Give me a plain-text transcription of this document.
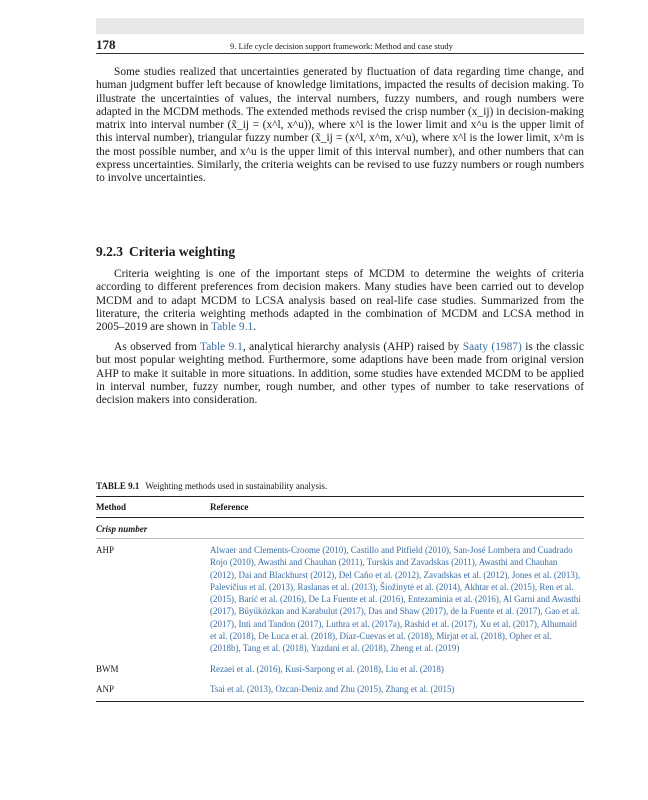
178	9. Life cycle decision support framework: Method and case study

Some studies realized that uncertainties generated by fluctuation of data regarding time change, and human judgment buffer left because of knowledge limitations, impacted the results of decision making. To illustrate the uncertainties of values, the interval numbers, fuzzy numbers, and rough numbers were adapted in the MCDM methods. The extended methods revised the crisp number (x_ij) in decision-making matrix into interval number (x̃_ij = (x^l, x^u)), where x^l is the lower limit and x^u is the upper limit of this interval number), triangular fuzzy number (x̃_ij = (x^l, x^m, x^u), where x^l is the lower limit, x^m is the most possible number, and x^u is the upper limit of this interval number), and other numbers that can express uncertainties. Similarly, the criteria weights can be revised to use fuzzy numbers or rough numbers to involve uncertainties.

9.2.3 Criteria weighting

Criteria weighting is one of the important steps of MCDM to determine the weights of criteria according to different preferences from decision makers. Many studies have been carried out to develop MCDM and to adapt MCDM to LCSA analysis based on real-life case studies. Summarized from the literature, the criteria weighting methods adapted in the combination of MCDM and LCSA method in 2005–2019 are shown in Table 9.1.

As observed from Table 9.1, analytical hierarchy analysis (AHP) raised by Saaty (1987) is the classic but most popular weighting method. Furthermore, some adaptions have been made from original version AHP to make it suitable in more situations. In addition, some studies have extended MCDM to be applied in interval number, fuzzy number, rough number, and other types of number to take reservations of decision makers into consideration.

TABLE 9.1 Weighting methods used in sustainability analysis.
Method	Reference
Crisp number
AHP	Alwaer and Clements-Croome (2010), Castillo and Pitfield (2010), San-José Lombera and Cuadrado Rojo (2010), Awasthi and Chauhan (2011), Turskis and Zavadskas (2011), Awasthi and Chauhan (2012), Dai and Blackhurst (2012), Del Caño et al. (2012), Zavadskas et al. (2012), Jones et al. (2013), Palevičius et al. (2013), Raslanas et al. (2013), Šiožinytė et al. (2014), Akhtar et al. (2015), Ren et al. (2015), Barić et al. (2016), De La Fuente et al. (2016), Entezaminia et al. (2016), Al Garni and Awasthi (2017), Büyüközkan and Karabulut (2017), Das and Shaw (2017), de la Fuente et al. (2017), Gao et al. (2017), Inti and Tandon (2017), Luthra et al. (2017a), Rashid et al. (2017), Xu et al. (2017), Alhumaid et al. (2018), De Luca et al. (2018), Díaz-Cuevas et al. (2018), Mirjat et al. (2018), Opher et al. (2018b), Tang et al. (2018), Yazdani et al. (2018), Zheng et al. (2019)
BWM	Rezaei et al. (2016), Kusi-Sarpong et al. (2018), Liu et al. (2018)
ANP	Tsai et al. (2013), Ozcan-Deniz and Zhu (2015), Zhang et al. (2015)
